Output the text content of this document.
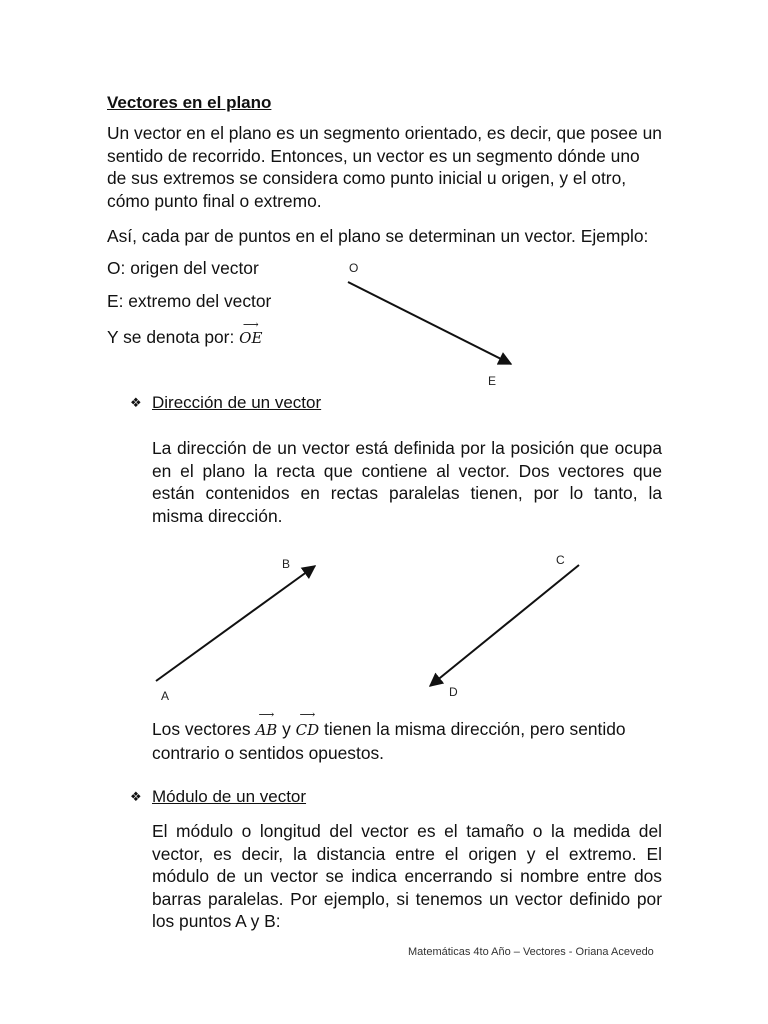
Vectores en el plano

Un vector en el plano es un segmento orientado, es decir, que posee un sentido de recorrido. Entonces, un vector es un segmento dónde uno de sus extremos se considera como punto inicial u origen, y el otro, cómo punto final o extremo.

Así, cada par de puntos en el plano se determinan un vector. Ejemplo:
O: origen del vector
E: extremo del vector
Y se denota por:
⟶
OE
❖ Dirección de un vector

La dirección de un vector está definida por la posición que ocupa en el plano la recta que contiene al vector. Dos vectores que están contenidos en rectas paralelas tienen, por lo tanto, la misma dirección.

Los vectores
⟶
AB y
⟶
CD tienen la misma dirección, pero sentido
contrario o sentidos opuestos.
❖ Módulo de un vector

El módulo o longitud del vector es el tamaño o la medida del vector, es decir, la distancia entre el origen y el extremo. El módulo de un vector se indica encerrando si nombre entre dos barras paralelas. Por ejemplo, si tenemos un vector definido por los puntos A y B:

Matemáticas 4to Año – Vectores - Oriana Acevedo
O
E
A
B	C
D
